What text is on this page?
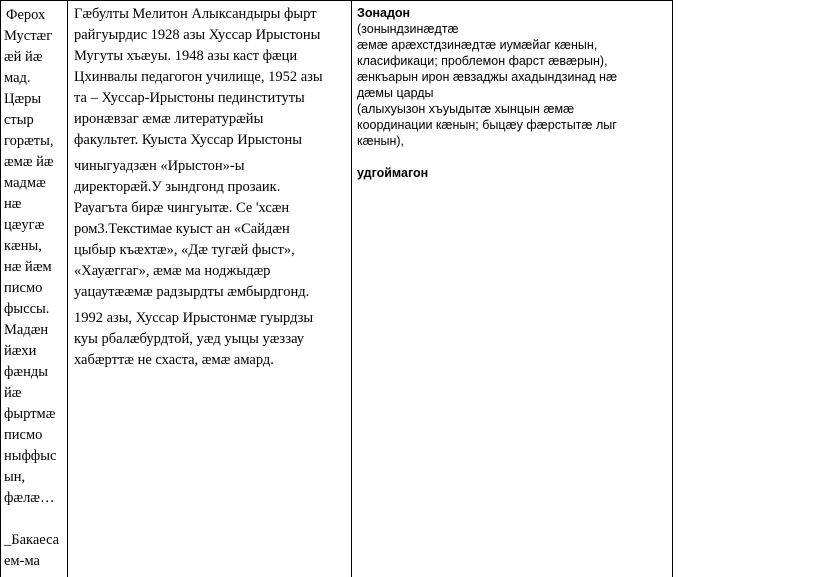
Ферох
Мустæг
æй йæ
мад.
Цæры
стыр
горæты,
æмæ йæ
мадмæ
нæ
цæугæ
кæны,
нæ йæм
писмо
фыссы.
Мадæн
йæхи
фæнды
йæ
фыртмæ
писмо
ныффыс
ын,
фæлæ…

_Бакаеса
ем-ма
Гæбулты Мелитон Алыксандыры фырт
райгуырдис 1928 азы Хуссар Ирыстоны
Мугуты хъæуы. 1948 азы каст фæци
Цхинвалы педагогон училище, 1952 азы
та – Хуссар-Ирыстоны пединституты
иронæвзаг æмæ литературæйы
факультет. Куыста Хуссар Ирыстоны
чиныгуадзæн «Ирыстон»-ы
директорæй.У зындгонд прозаик.
Рауагъта бирæ чингуытæ. Се 'хсæн
ром3.Текстимае куыст ан «Сайдæн
цыбыр къæхтæ», «Дæ тугæй фыст»,
«Хауæггаг», æмæ ма ноджыдæр
уацаутææмæ радзырдты æмбырдгонд.
1992 азы, Хуссар Ирыстонмæ гуырдзы
куы рбалæбурдтой, уæд уыцы уæззау
хабæрттæ не схаста, æмæ амард.
Зонадон
(зонындзинæдтæ
æмæ арæхстдзинæдтæ иумæйаг кæнын,
класификаци; проблемон фарст æвæрын),
æнкъарын ирон æвзаджы ахадындзинад нæ
дæмы царды
(алыхуызон хъуыдытæ хынцын æмæ
координации кæнын; быцæу фæрстытæ лыг
кæнын),
удгоймагон
